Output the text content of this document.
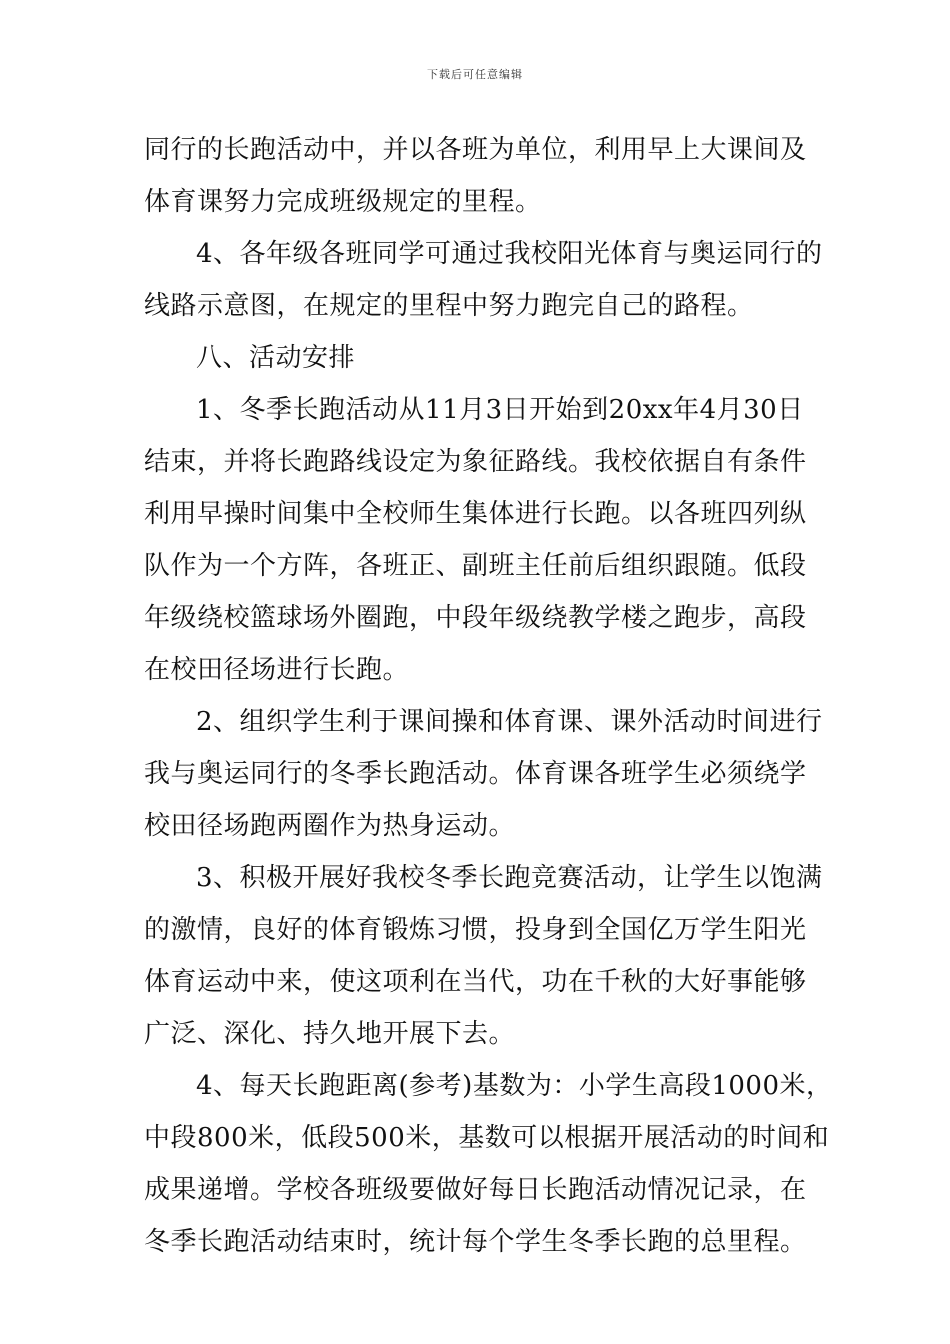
下载后可任意编辑
同行的长跑活动中，并以各班为单位，利用早上大课间及
体育课努力完成班级规定的里程。
4、各年级各班同学可通过我校阳光体育与奥运同行的
线路示意图，在规定的里程中努力跑完自己的路程。
八、活动安排
1、冬季长跑活动从11月3日开始到20xx年4月30日
结束，并将长跑路线设定为象征路线。我校依据自有条件
利用早操时间集中全校师生集体进行长跑。以各班四列纵
队作为一个方阵，各班正、副班主任前后组织跟随。低段
年级绕校篮球场外圈跑，中段年级绕教学楼之跑步，高段
在校田径场进行长跑。
2、组织学生利于课间操和体育课、课外活动时间进行
我与奥运同行的冬季长跑活动。体育课各班学生必须绕学
校田径场跑两圈作为热身运动。
3、积极开展好我校冬季长跑竞赛活动，让学生以饱满
的激情，良好的体育锻炼习惯，投身到全国亿万学生阳光
体育运动中来，使这项利在当代，功在千秋的大好事能够
广泛、深化、持久地开展下去。
4、每天长跑距离(参考)基数为：小学生高段1000米，
中段800米，低段500米，基数可以根据开展活动的时间和
成果递增。学校各班级要做好每日长跑活动情况记录，在
冬季长跑活动结束时，统计每个学生冬季长跑的总里程。
